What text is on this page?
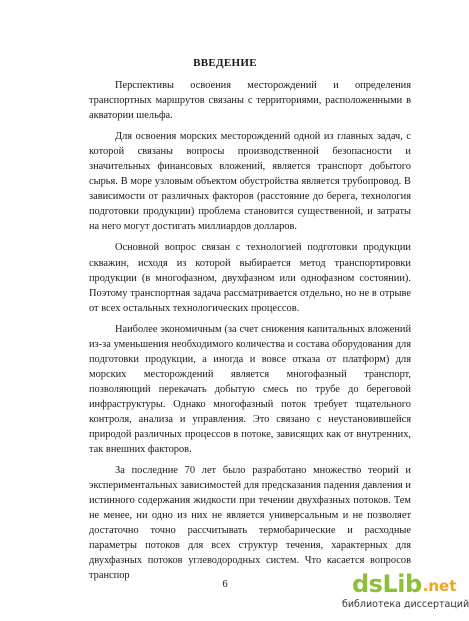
ВВЕДЕНИЕ

Перспективы освоения месторождений и определения транспортных маршрутов связаны с территориями, расположенными в акватории шельфа.

Для освоения морских месторождений одной из главных задач, с которой связаны вопросы производственной безопасности и значительных финансовых вложений, является транспорт добытого сырья. В море узловым объектом обустройства является трубопровод. В зависимости от различных факторов (расстояние до берега, технология подготовки продукции) проблема становится существенной, и затраты на него могут достигать миллиардов долларов.

Основной вопрос связан с технологией подготовки продукции скважин, исходя из которой выбирается метод транспортировки продукции (в многофазном, двухфазном или однофазном состоянии). Поэтому транспортная задача рассматривается отдельно, но не в отрыве от всех остальных технологических процессов.

Наиболее экономичным (за счет снижения капитальных вложений из-за уменьшения необходимого количества и состава оборудования для подготовки продукции, а иногда и вовсе отказа от платформ) для морских месторождений является многофазный транспорт, позволяющий перекачать добытую смесь по трубе до береговой инфраструктуры. Однако многофазный поток требует тщательного контроля, анализа и управления. Это связано с неустановившейся природой различных процессов в потоке, зависящих как от внутренних, так внешних факторов.

За последние 70 лет было разработано множество теорий и экспериментальных зависимостей для предсказания падения давления и истинного содержания жидкости при течении двухфазных потоков. Тем не менее, ни одно из них не является универсальным и не позволяет достаточно точно рассчитывать термобарические и расходные параметры потоков для всех структур течения, характерных для двухфазных потоков углеводородных систем. Что касается вопросов транспор

6	dsLib .net
библиотека диссертаций
